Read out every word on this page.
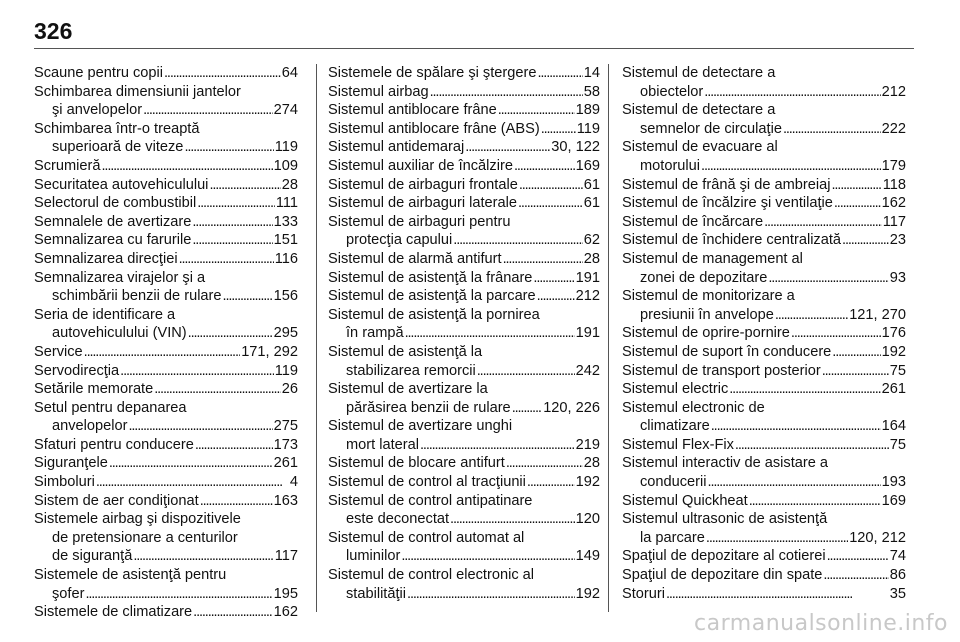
326
Scaune pentru copii . . .	64
Schimbarea dimensiunii jantelor
şi anvelopelor . . .	274
Schimbarea într-o treaptă
superioară de viteze . . .	119
Scrumieră . . .	109
Securitatea autovehiculului . . .	28
Selectorul de combustibil . . .	111
Semnalele de avertizare . . .	133
Semnalizarea cu farurile . . .	151
Semnalizarea direcţiei . . .	116
Semnalizarea virajelor şi a
schimbării benzii de rulare . . .	156
Seria de identificare a
autovehiculului (VIN) . . .	295
Service . . .	171, 292
Servodirecţia . . .	119
Setările memorate . . .	26
Setul pentru depanarea
anvelopelor . . .	275
Sfaturi pentru conducere . . .	173
Siguranţele . . .	261
Simboluri . . .	4
Sistem de aer condiţionat . . .	163
Sistemele airbag şi dispozitivele
de pretensionare a centurilor
de siguranţă . . .	117
Sistemele de asistenţă pentru
şofer . . .	195
Sistemele de climatizare . . .	162
Sistemele de spălare şi ştergere . . .	14
Sistemul airbag . . .	58
Sistemul antiblocare frâne . . .	189
Sistemul antiblocare frâne (ABS) . . .	119
Sistemul antidemaraj . . .	30, 122
Sistemul auxiliar de încălzire . . .	169
Sistemul de airbaguri frontale . . .	61
Sistemul de airbaguri laterale . . .	61
Sistemul de airbaguri pentru
protecţia capului . . .	62
Sistemul de alarmă antifurt . . .	28
Sistemul de asistenţă la frânare . . .	191
Sistemul de asistenţă la parcare . . .	212
Sistemul de asistenţă la pornirea
în rampă . . .	191
Sistemul de asistenţă la
stabilizarea remorcii . . .	242
Sistemul de avertizare la
părăsirea benzii de rulare . . . 120, 226
Sistemul de avertizare unghi
mort lateral . . .	219
Sistemul de blocare antifurt . . .	28
Sistemul de control al tracţiunii . . .	192
Sistemul de control antipatinare
este deconectat . . .	120
Sistemul de control automat al
luminilor . . .	149
Sistemul de control electronic al
stabilităţii . . .	192
Sistemul de detectare a
obiectelor . . .	212
Sistemul de detectare a
semnelor de circulaţie . . .	222
Sistemul de evacuare al
motorului . . .	179
Sistemul de frână şi de ambreiaj . . .	118
Sistemul de încălzire şi ventilaţie . . .	162
Sistemul de încărcare . . .	117
Sistemul de închidere centralizată . . .	23
Sistemul de management al
zonei de depozitare . . .	93
Sistemul de monitorizare a
presiunii în anvelope . . .	121, 270
Sistemul de oprire-pornire . . .	176
Sistemul de suport în conducere . . .	192
Sistemul de transport posterior . . .	75
Sistemul electric . . .	261
Sistemul electronic de
climatizare . . .	164
Sistemul Flex-Fix . . .	75
Sistemul interactiv de asistare a
conducerii . . .	193
Sistemul Quickheat . . .	169
Sistemul ultrasonic de asistenţă
la parcare . . .	120, 212
Spaţiul de depozitare al cotierei . . .	74
Spaţiul de depozitare din spate . . .	86
Storuri . . .	35
carmanualsonline.info
